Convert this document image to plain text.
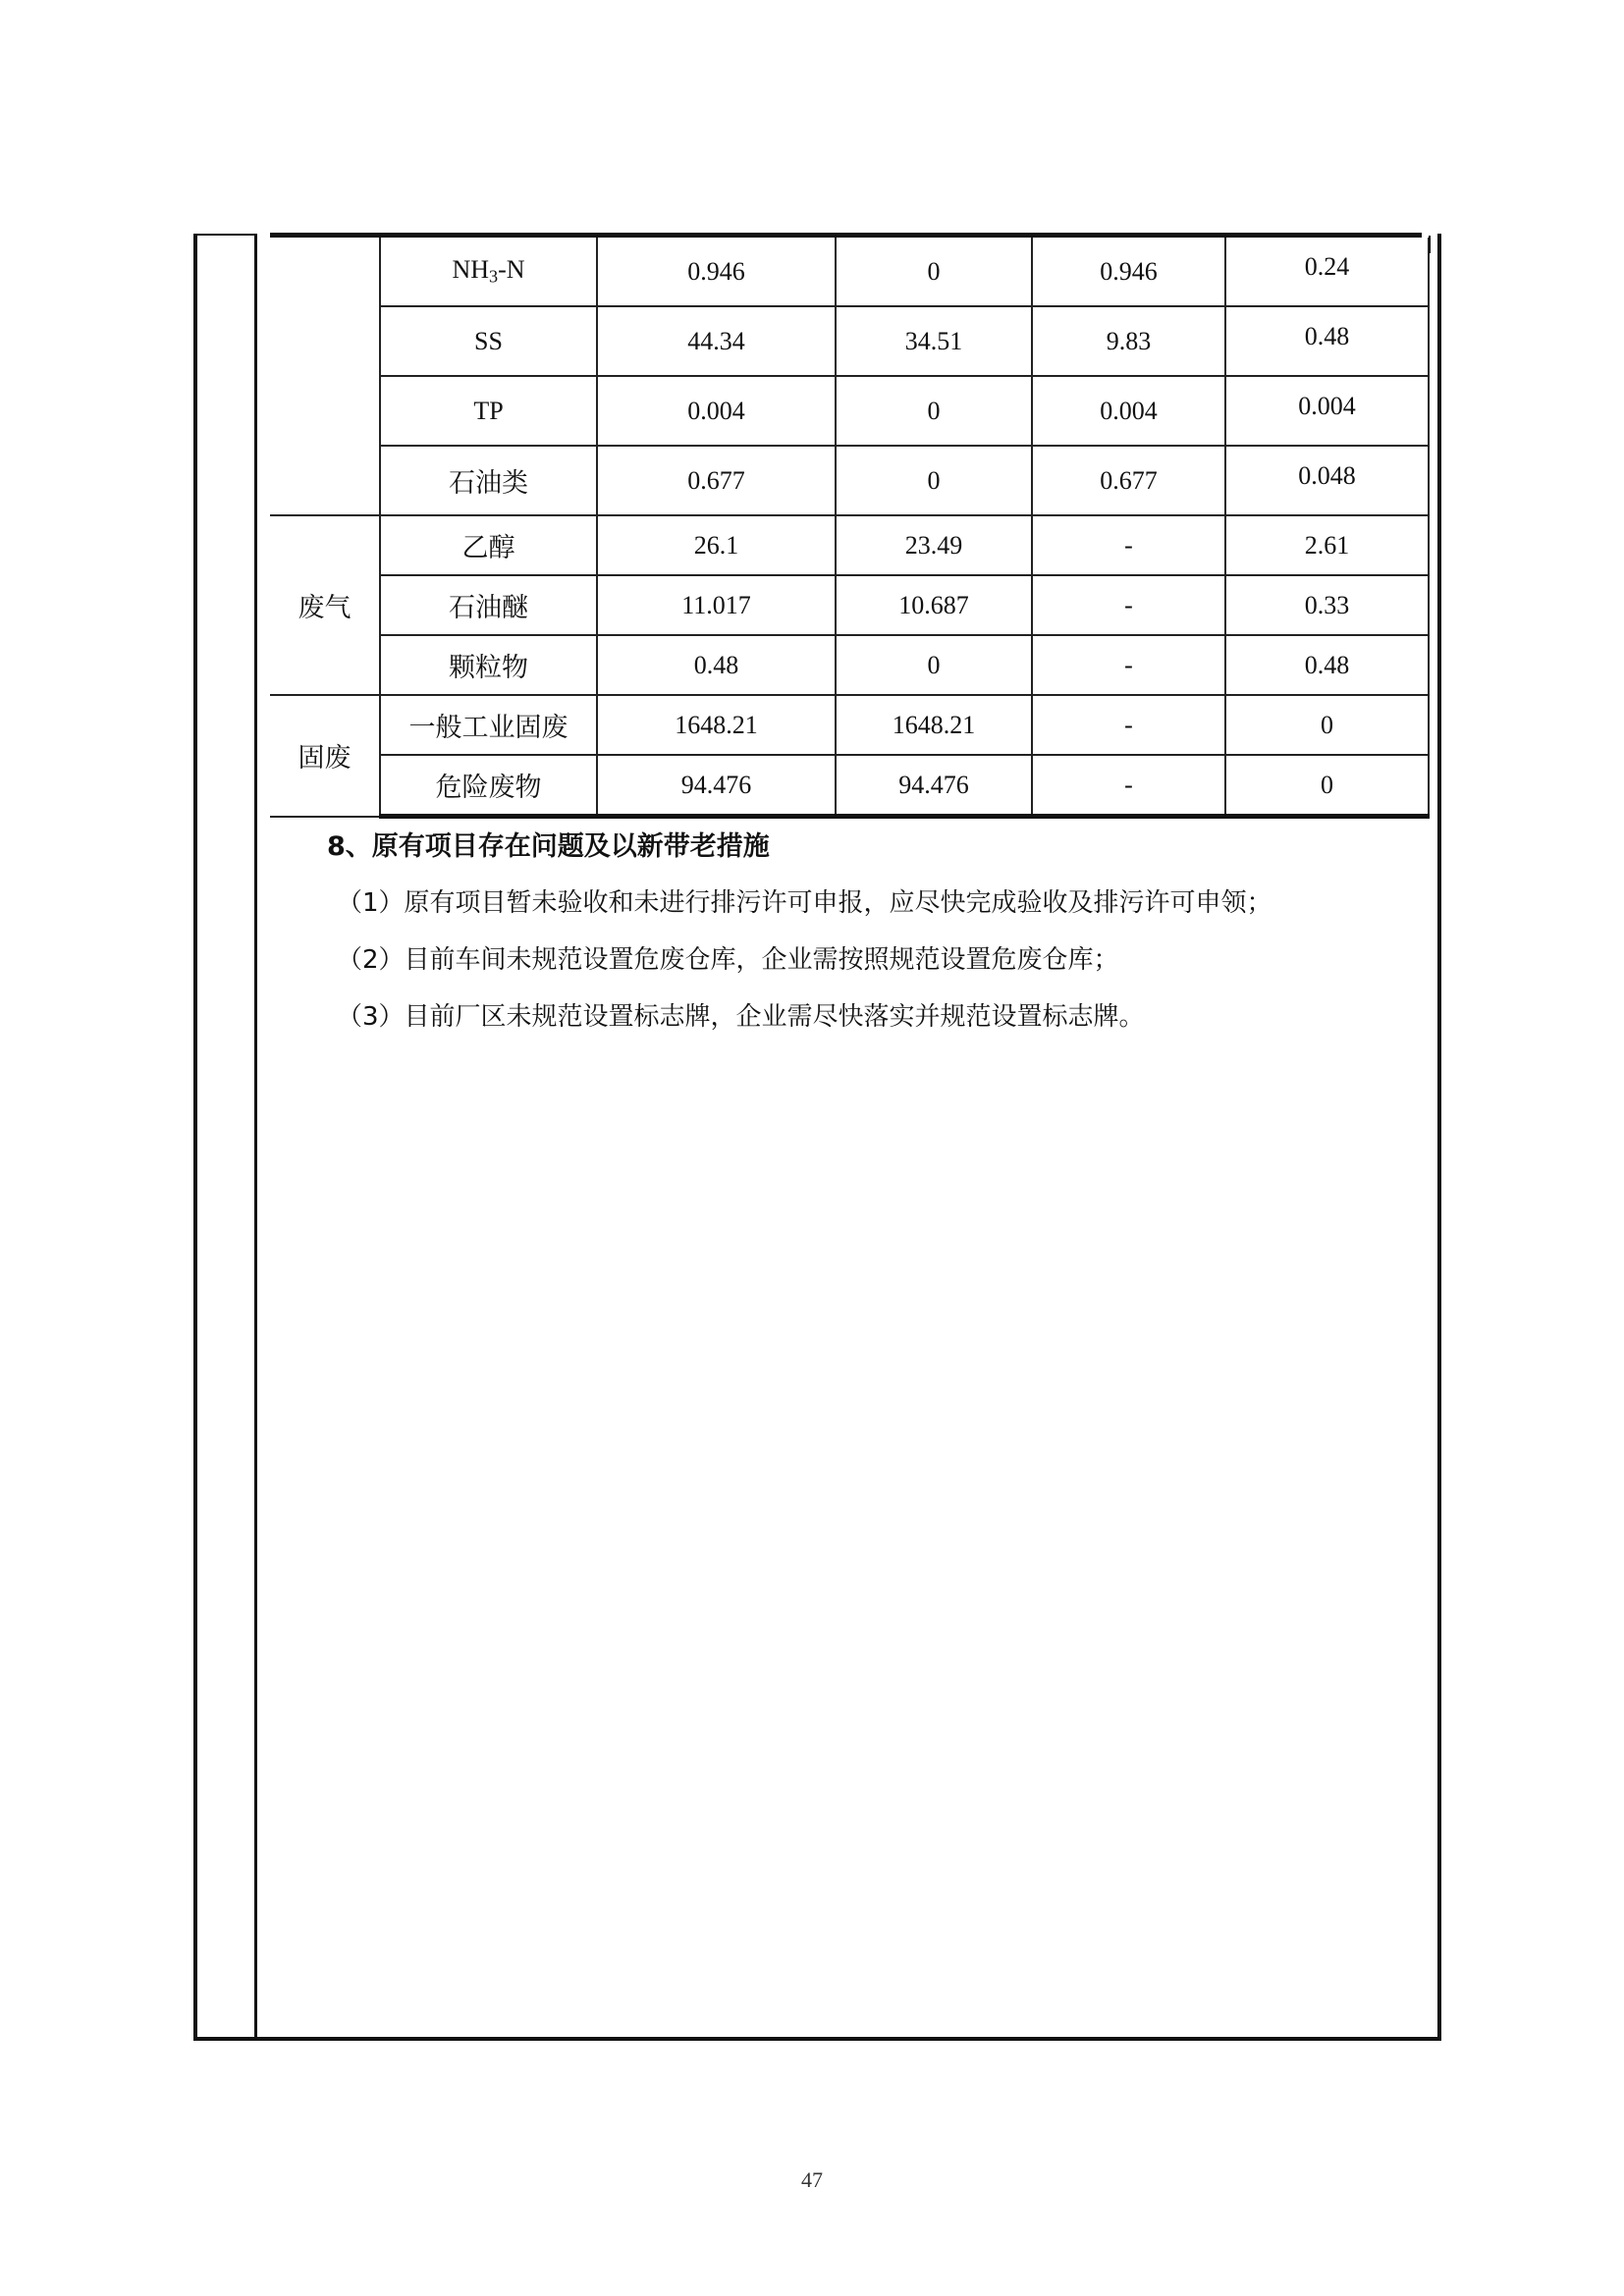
	$NH_3-N$	0.946	0	0.946	0.24
	SS	44.34	34.51	9.83	0.48
	TP	0.004	0	0.004	0.004
	石油类	0.677	0	0.677	0.048
废气	乙醇	26.1	23.49	-	2.61
	石油醚	11.017	10.687	-	0.33
	颗粒物	0.48	0	-	0.48
固废	一般工业固废	1648.21	1648.21	-	0
	危险废物	94.476	94.476	-	0
8、原有项目存在问题及以新带老措施

（1）原有项目暂未验收和未进行排污许可申报，应尽快完成验收及排污许可申领；

（2）目前车间未规范设置危废仓库，企业需按照规范设置危废仓库；

（3）目前厂区未规范设置标志牌，企业需尽快落实并规范设置标志牌。

47
